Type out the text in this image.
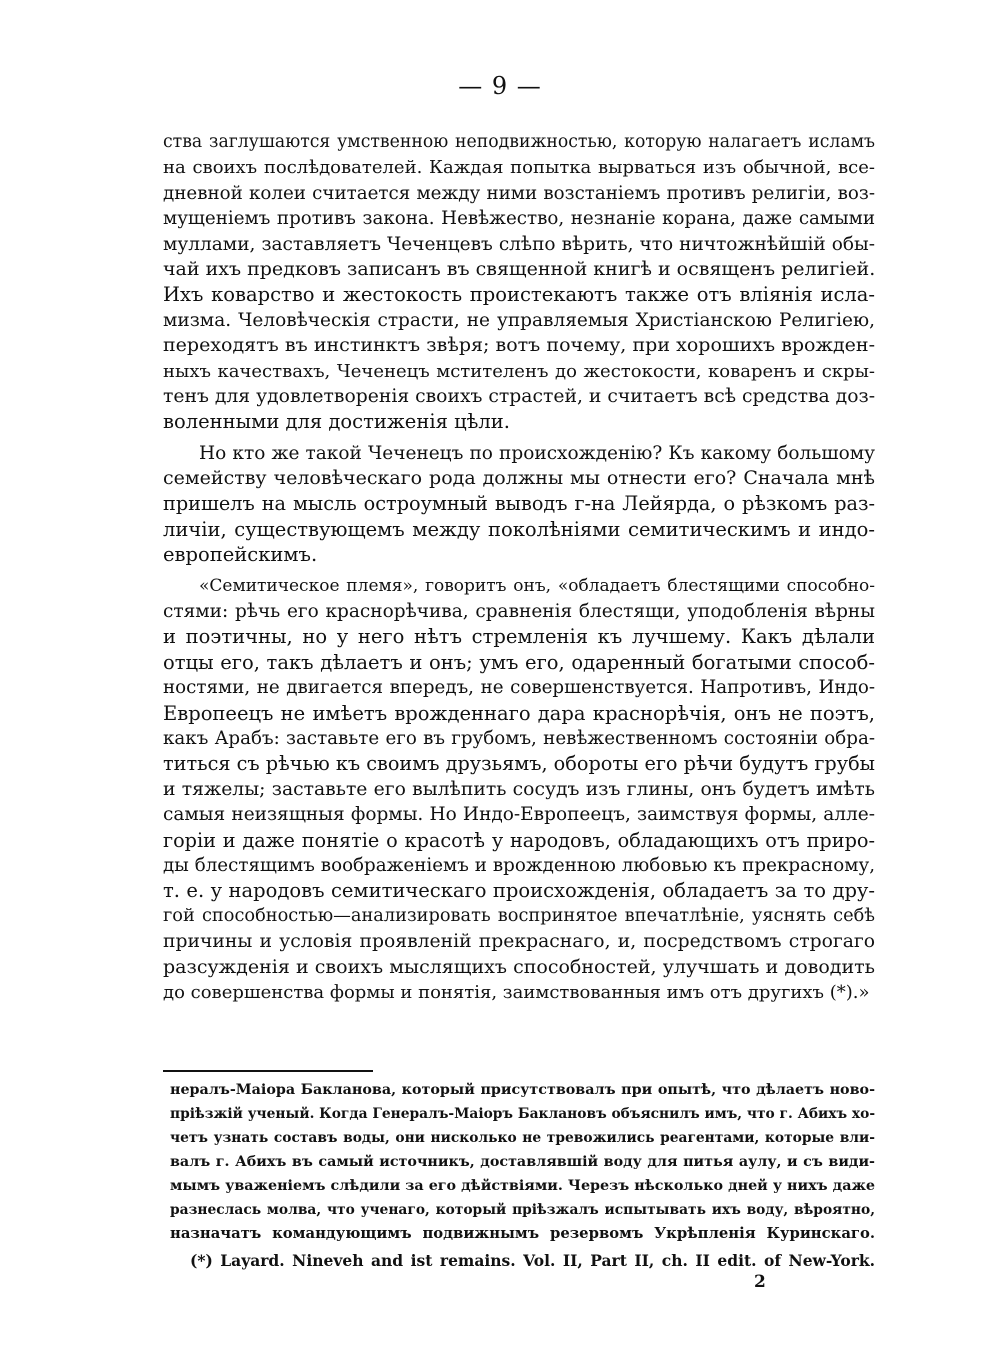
— 9 —
ства заглушаются умственною неподвижностью, которую налагаетъ исламъ
на своихъ послѣдователей. Каждая попытка вырваться изъ обычной, все-
дневной колеи считается между ними возстаніемъ противъ религіи, воз-
мущеніемъ противъ закона. Невѣжество, незнаніе корана, даже самыми
муллами, заставляетъ Чеченцевъ слѣпо вѣрить, что ничтожнѣйшій обы-
чай ихъ предковъ записанъ въ священной книгѣ и освященъ религіей.
Ихъ коварство и жестокость проистекаютъ также отъ вліянія исла-
мизма. Человѣческія страсти, не управляемыя Христіанскою Религіею,
переходятъ въ инстинктъ звѣря; вотъ почему, при хорошихъ врожден-
ныхъ качествахъ, Чеченецъ мстителенъ до жестокости, коваренъ и скры-
тенъ для удовлетворенія своихъ страстей, и считаетъ всѣ средства доз-
воленными для достиженія цѣли.
Но кто же такой Чеченецъ по происхожденію? Къ какому большому
семейству человѣческаго рода должны мы отнести его? Сначала мнѣ
пришелъ на мысль остроумный выводъ г-на Лейярда, о рѣзкомъ раз-
личіи, существующемъ между поколѣніями семитическимъ и индо-
европейскимъ.
«Семитическое племя», говоритъ онъ, «обладаетъ блестящими способно-
стями: рѣчь его краснорѣчива, сравненія блестящи, уподобленія вѣрны
и поэтичны, но у него нѣтъ стремленія къ лучшему. Какъ дѣлали
отцы его, такъ дѣлаетъ и онъ; умъ его, одаренный богатыми способ-
ностями, не двигается впередъ, не совершенствуется. Напротивъ, Индо-
Европеецъ не имѣетъ врожденнаго дара краснорѣчія, онъ не поэтъ,
какъ Арабъ: заставьте его въ грубомъ, невѣжественномъ состояніи обра-
титься съ рѣчью къ своимъ друзьямъ, обороты его рѣчи будутъ грубы
и тяжелы; заставьте его вылѣпить сосудъ изъ глины, онъ будетъ имѣть
самыя неизящныя формы. Но Индо-Европеецъ, заимствуя формы, алле-
горіи и даже понятіе о красотѣ у народовъ, обладающихъ отъ приро-
ды блестящимъ воображеніемъ и врожденною любовью къ прекрасному,
т. е. у народовъ семитическаго происхожденія, обладаетъ за то дру-
гой способностью—анализировать воспринятое впечатлѣніе, уяснять себѣ
причины и условія проявленій прекраснаго, и, посредствомъ строгаго
разсужденія и своихъ мыслящихъ способностей, улучшать и доводить
до совершенства формы и понятія, заимствованныя имъ отъ другихъ (*).»
нералъ-Маіора Бакланова, который присутствовалъ при опытѣ, что дѣлаетъ ново-
пріѣзжій ученый. Когда Генералъ-Маіоръ Баклановъ объяснилъ имъ, что г. Абихъ хо-
четъ узнать составъ воды, они нисколько не тревожились реагентами, которые вли-
валъ г. Абихъ въ самый источникъ, доставлявшій воду для питья аулу, и съ види-
мымъ уваженіемъ слѣдили за его дѣйствіями. Черезъ нѣсколько дней у нихъ даже
разнеслась молва, что ученаго, который пріѣзжалъ испытывать ихъ воду, вѣроятно,
назначатъ командующимъ подвижнымъ резервомъ Укрѣпленія Куринскаго.
(*) Layard. Nineveh and ist remains. Vol. II, Part II, ch. II edit. of New-York.
2
